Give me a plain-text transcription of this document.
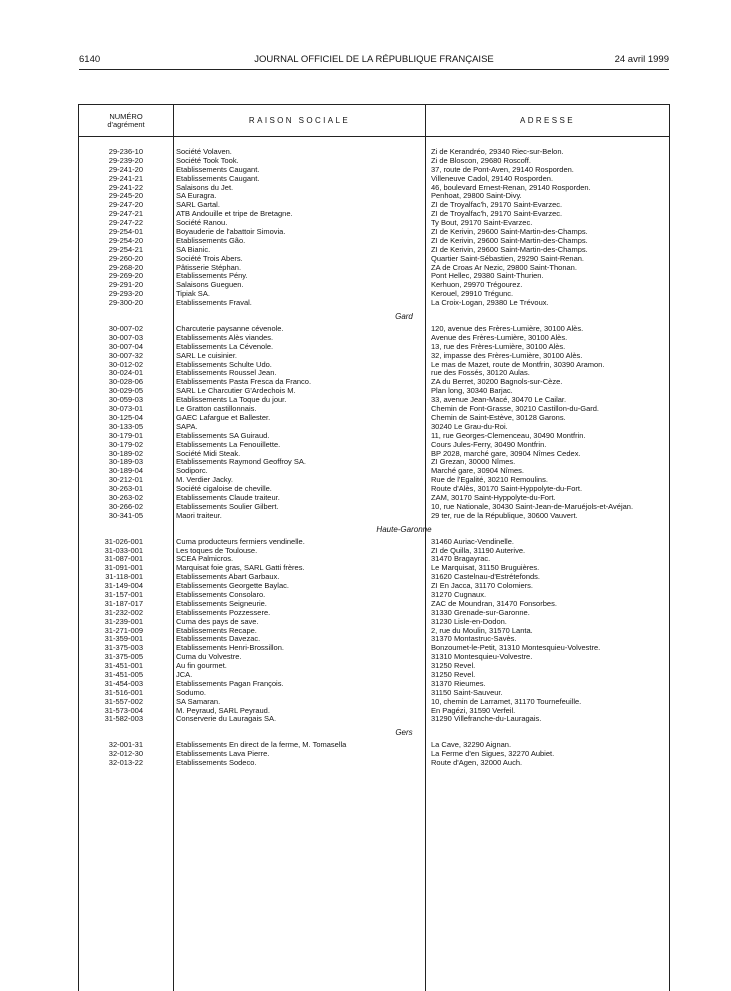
6140	JOURNAL OFFICIEL DE LA RÉPUBLIQUE FRANÇAISE	24 avril 1999
NUMÉRO
d'agrément	RAISON SOCIALE	ADRESSE
29-236-10	Société Volaven.	Zi de Kerandréo, 29340 Riec-sur-Belon.
29-239-20	Société Took Took.	Zi de Bloscon, 29680 Roscoff.
29-241-20	Etablissements Caugant.	37, route de Pont-Aven, 29140 Rosporden.
29-241-21	Etablissements Caugant.	Villeneuve Cadol, 29140 Rosporden.
29-241-22	Salaisons du Jet.	46, boulevard Ernest-Renan, 29140 Rosporden.
29-245-20	SA Euragra.	Penhoat, 29800 Saint-Divy.
29-247-20	SARL Gartal.	ZI de Troyalfac'h, 29170 Saint-Evarzec.
29-247-21	ATB Andouille et tripe de Bretagne.	ZI de Troyalfac'h, 29170 Saint-Evarzec.
29-247-22	Société Ranou.	Ty Bout, 29170 Saint-Evarzec.
29-254-01	Boyauderie de l'abattoir Simovia.	ZI de Kerivin, 29600 Saint-Martin-des-Champs.
29-254-20	Etablissements Gão.	ZI de Kerivin, 29600 Saint-Martin-des-Champs.
29-254-21	SA Bianic.	ZI de Kerivin, 29600 Saint-Martin-des-Champs.
29-260-20	Société Trois Abers.	Quartier Saint-Sébastien, 29290 Saint-Renan.
29-268-20	Pâtisserie Stéphan.	ZA de Croas Ar Nezic, 29800 Saint-Thonan.
29-269-20	Etablissements Pény.	Pont Hellec, 29380 Saint-Thurien.
29-291-20	Salaisons Gueguen.	Kerhuon, 29970 Trégourez.
29-293-20	Tipiak SA.	Kerouel, 29910 Trégunc.
29-300-20	Etablissements Fraval.	La Croix-Logan, 29380 Le Trévoux.
Gard
30-007-02	Charcuterie paysanne cévenole.	120, avenue des Frères-Lumière, 30100 Alès.
30-007-03	Etablissements Alès viandes.	Avenue des Frères-Lumière, 30100 Alès.
30-007-04	Etablissements La Cévenole.	13, rue des Frères-Lumière, 30100 Alès.
30-007-32	SARL Le cuisinier.	32, impasse des Frères-Lumière, 30100 Alès.
30-012-02	Etablissements Schulte Udo.	Le mas de Mazet, route de Montfrin, 30390 Aramon.
30-024-01	Etablissements Roussel Jean.	rue des Fossés, 30120 Aulas.
30-028-06	Etablissements Pasta Fresca da Franco.	ZA du Berret, 30200 Bagnols-sur-Cèze.
30-029-05	SARL Le Charcutier G'Ardechois M.	Plan long, 30340 Barjac.
30-059-03	Etablissements La Toque du jour.	33, avenue Jean-Macé, 30470 Le Cailar.
30-073-01	Le Gratton castillonnais.	Chemin de Font-Grasse, 30210 Castillon-du-Gard.
30-125-04	GAEC Lafargue et Ballester.	Chemin de Saint-Estève, 30128 Garons.
30-133-05	SAPA.	30240 Le Grau-du-Roi.
30-179-01	Etablissements SA Guiraud.	11, rue Georges-Clemenceau, 30490 Montfrin.
30-179-02	Etablissements La Fenouillette.	Cours Jules-Ferry, 30490 Montfrin.
30-189-02	Société Midi Steak.	BP 2028, marché gare, 30904 Nîmes Cedex.
30-189-03	Etablissements Raymond Geoffroy SA.	ZI Grezan, 30000 Nîmes.
30-189-04	Sodiporc.	Marché gare, 30904 Nîmes.
30-212-01	M. Verdier Jacky.	Rue de l'Egalité, 30210 Remoulins.
30-263-01	Société cigaloise de cheville.	Route d'Alès, 30170 Saint-Hyppolyte-du-Fort.
30-263-02	Etablissements Claude traiteur.	ZAM, 30170 Saint-Hyppolyte-du-Fort.
30-266-02	Etablissements Soulier Gilbert.	10, rue Nationale, 30430 Saint-Jean-de-Maruéjols-et-Avéjan.
30-341-05	Maori traiteur.	29 ter, rue de la République, 30600 Vauvert.
Haute-Garonne
31-026-001	Cuma producteurs fermiers vendinelle.	31460 Auriac-Vendinelle.
31-033-001	Les toques de Toulouse.	ZI de Quilla, 31190 Auterive.
31-087-001	SCEA Palmicros.	31470 Bragayrac.
31-091-001	Marquisat foie gras, SARL Gatti frères.	Le Marquisat, 31150 Bruguières.
31-118-001	Etablissements Abart Garbaux.	31620 Castelnau-d'Estrétefonds.
31-149-004	Etablissements Georgette Baylac.	ZI En Jacca, 31170 Colomiers.
31-157-001	Etablissements Consolaro.	31270 Cugnaux.
31-187-017	Etablissements Seigneurie.	ZAC de Moundran, 31470 Fonsorbes.
31-232-002	Etablissements Pozzessere.	31330 Grenade-sur-Garonne.
31-239-001	Cuma des pays de save.	31230 Lisle-en-Dodon.
31-271-009	Etablissements Recape.	2, rue du Moulin, 31570 Lanta.
31-359-001	Etablissements Davezac.	31370 Montastruc-Savès.
31-375-003	Etablissements Henri-Brossillon.	Bonzoumet-le-Petit, 31310 Montesquieu-Volvestre.
31-375-005	Cuma du Volvestre.	31310 Montesquieu-Volvestre.
31-451-001	Au fin gourmet.	31250 Revel.
31-451-005	JCA.	31250 Revel.
31-454-003	Etablissements Pagan François.	31370 Rieumes.
31-516-001	Sodumo.	31150 Saint-Sauveur.
31-557-002	SA Samaran.	10, chemin de Larramet, 31170 Tournefeuille.
31-573-004	M. Peyraud, SARL Peyraud.	En Pagézi, 31590 Verfeil.
31-582-003	Conserverie du Lauragais SA.	31290 Villefranche-du-Lauragais.
Gers
32-001-31	Etablissements En direct de la ferme, M. Tomasella	La Cave, 32290 Aignan.
32-012-30	Etablissements Lava Pierre.	La Ferme d'en Sigues, 32270 Aubiet.
32-013-22	Etablissements Sodeco.	Route d'Agen, 32000 Auch.
